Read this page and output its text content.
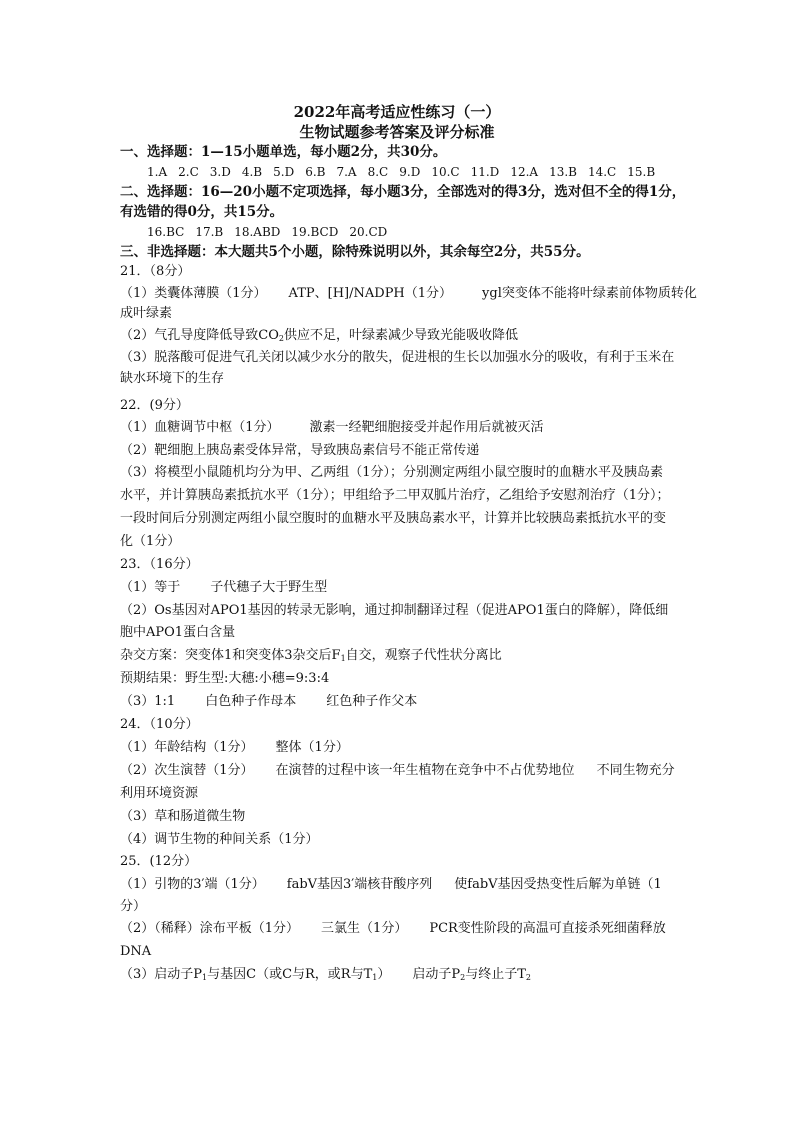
2022年高考适应性练习（一）
生物试题参考答案及评分标准
一、选择题：1—15小题单选，每小题2分，共30分。
1.A 2.C 3.D 4.B 5.D 6.B 7.A 8.C 9.D 10.C 11.D 12.A 13.B 14.C 15.B
二、选择题：16—20小题不定项选择，每小题3分，全部选对的得3分，选对但不全的得1分，
有选错的得0分，共15分。
16.BC 17.B 18.ABD 19.BCD 20.CD
三、非选择题：本大题共5个小题，除特殊说明以外，其余每空2分，共55分。
21．（8分）
（1）类囊体薄膜（1分） ATP、[H]/NADPH（1分） ygl突变体不能将叶绿素前体物质转化
成叶绿素
（2）气孔导度降低导致$CO_2$供应不足，叶绿素减少导致光能吸收降低
（3）脱落酸可促进气孔关闭以减少水分的散失，促进根的生长以加强水分的吸收，有利于玉米在
缺水环境下的生存
22．(9分）
（1）血糖调节中枢（1分） 激素一经靶细胞接受并起作用后就被灭活
（2）靶细胞上胰岛素受体异常，导致胰岛素信号不能正常传递
（3）将模型小鼠随机均分为甲、乙两组（1分）；分别测定两组小鼠空腹时的血糖水平及胰岛素
水平，并计算胰岛素抵抗水平（1分）；甲组给予二甲双胍片治疗，乙组给予安慰剂治疗（1分）；
一段时间后分别测定两组小鼠空腹时的血糖水平及胰岛素水平，计算并比较胰岛素抵抗水平的变
化（1分）
23．（16分）
（1）等于 子代穗子大于野生型
（2）Os基因对APO1基因的转录无影响，通过抑制翻译过程（促进APO1蛋白的降解），降低细
胞中APO1蛋白含量
杂交方案：突变体1和突变体3杂交后$F_1$自交，观察子代性状分离比
预期结果：野生型:大穗:小穗=9:3:4
（3）1:1 白色种子作母本 红色种子作父本
24．（10分）
（1）年龄结构（1分） 整体（1分）
（2）次生演替（1分） 在演替的过程中该一年生植物在竞争中不占优势地位 不同生物充分
利用环境资源
（3）草和肠道微生物
（4）调节生物的种间关系（1分）
25．(12分）
（1）引物的3′端（1分） fabV基因3′端核苷酸序列 使fabV基因受热变性后解为单链（1
分）
（2）（稀释）涂布平板（1分） 三氯生（1分） PCR变性阶段的高温可直接杀死细菌释放
DNA
（3）启动子$P_1$与基因C（或C与R，或R与$T_1$） 启动子$P_2$与终止子$T_2$
